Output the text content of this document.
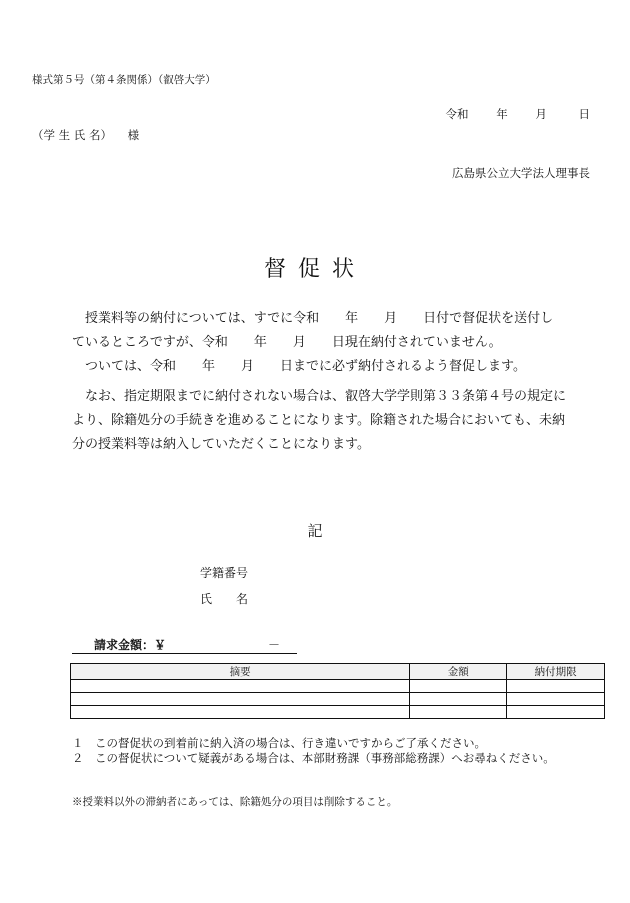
様式第５号（第４条関係）（叡啓大学）
令和 年 月	日
（学 生 氏 名） 様
広島県公立大学法人理事長
督促状

授業料等の納付については、すでに令和　　年　　月　　日付で督促状を送付し

ているところですが、令和　　年　　月　　日現在納付されていません。

ついては、令和　　年　　月　　日までに必ず納付されるよう督促します。

なお、指定期限までに納付されない場合は、叡啓大学学則第３３条第４号の規定に

より、除籍処分の手続きを進めることになります。除籍された場合においても、未納

分の授業料等は納入していただくことになります。

記
学籍番号
氏　　名
請求金額：￥	－
摘要	金額	納付期限

１　この督促状の到着前に納入済の場合は、行き違いですからご了承ください。
２　この督促状について疑義がある場合は、本部財務課（事務部総務課）へお尋ねください。
※授業料以外の滞納者にあっては、除籍処分の項目は削除すること。
